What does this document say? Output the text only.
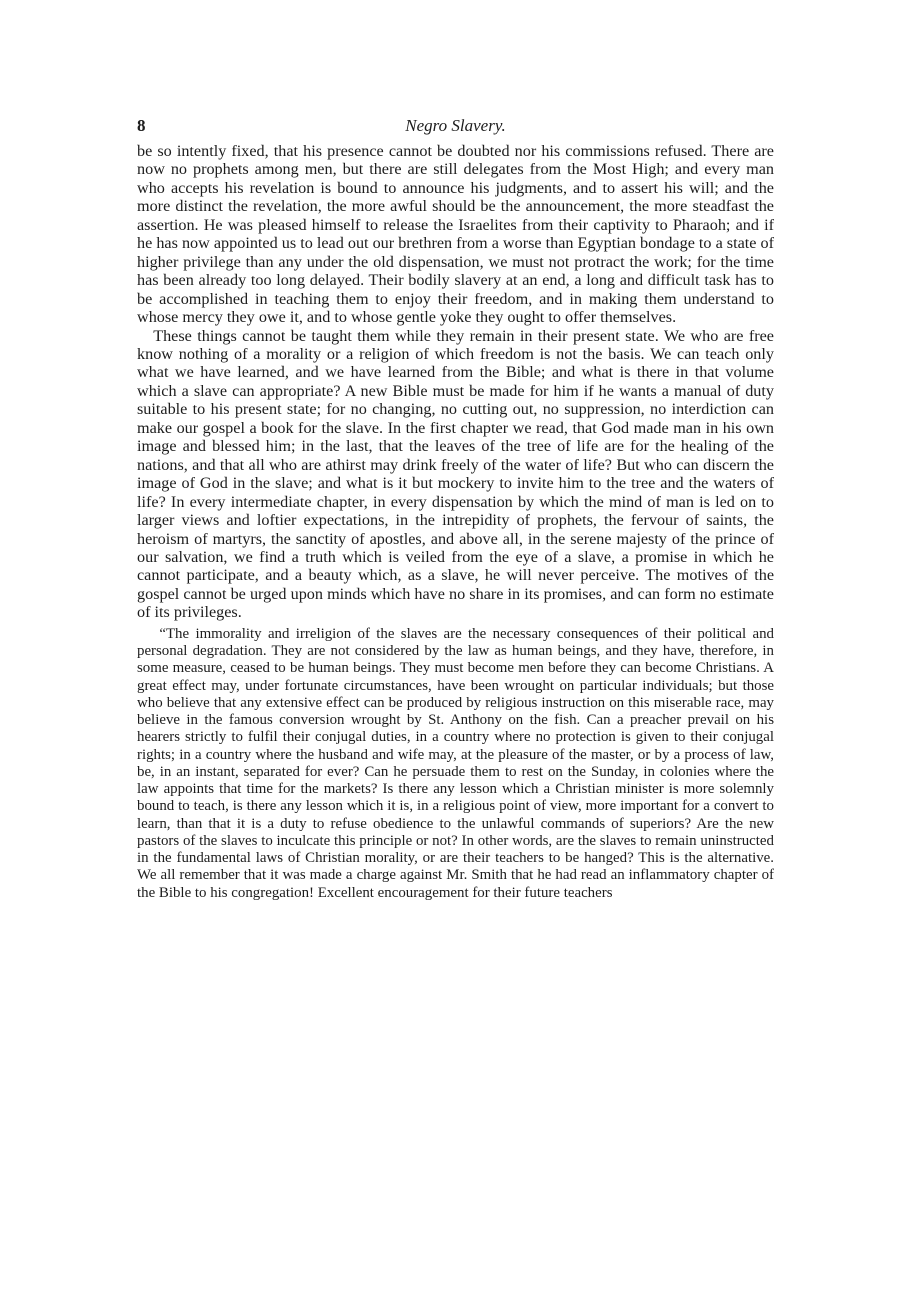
8	Negro Slavery.

be so intently fixed, that his presence cannot be doubted nor his commissions refused. There are now no prophets among men, but there are still delegates from the Most High; and every man who accepts his revelation is bound to announce his judgments, and to assert his will; and the more distinct the revelation, the more awful should be the announcement, the more steadfast the assertion. He was pleased himself to release the Israelites from their captivity to Pharaoh; and if he has now appointed us to lead out our brethren from a worse than Egyptian bondage to a state of higher privilege than any under the old dispensation, we must not protract the work; for the time has been already too long delayed. Their bodily slavery at an end, a long and difficult task has to be accomplished in teaching them to enjoy their freedom, and in making them understand to whose mercy they owe it, and to whose gentle yoke they ought to offer themselves.

These things cannot be taught them while they remain in their present state. We who are free know nothing of a morality or a religion of which freedom is not the basis. We can teach only what we have learned, and we have learned from the Bible; and what is there in that volume which a slave can appropriate? A new Bible must be made for him if he wants a manual of duty suitable to his present state; for no changing, no cutting out, no suppression, no interdiction can make our gospel a book for the slave. In the first chapter we read, that God made man in his own image and blessed him; in the last, that the leaves of the tree of life are for the healing of the nations, and that all who are athirst may drink freely of the water of life? But who can discern the image of God in the slave; and what is it but mockery to invite him to the tree and the waters of life? In every intermediate chapter, in every dispensation by which the mind of man is led on to larger views and loftier expectations, in the intrepidity of prophets, the fervour of saints, the heroism of martyrs, the sanctity of apostles, and above all, in the serene majesty of the prince of our salvation, we find a truth which is veiled from the eye of a slave, a promise in which he cannot participate, and a beauty which, as a slave, he will never perceive. The motives of the gospel cannot be urged upon minds which have no share in its promises, and can form no estimate of its privileges.

“The immorality and irreligion of the slaves are the necessary consequences of their political and personal degradation. They are not considered by the law as human beings, and they have, therefore, in some measure, ceased to be human beings. They must become men before they can become Christians. A great effect may, under fortunate circumstances, have been wrought on particular individuals; but those who believe that any extensive effect can be produced by religious instruction on this miserable race, may believe in the famous conversion wrought by St. Anthony on the fish. Can a preacher prevail on his hearers strictly to fulfil their conjugal duties, in a country where no protection is given to their conjugal rights; in a country where the husband and wife may, at the pleasure of the master, or by a process of law, be, in an instant, separated for ever? Can he persuade them to rest on the Sunday, in colonies where the law appoints that time for the markets? Is there any lesson which a Christian minister is more solemnly bound to teach, is there any lesson which it is, in a religious point of view, more important for a convert to learn, than that it is a duty to refuse obedience to the unlawful commands of superiors? Are the new pastors of the slaves to inculcate this principle or not? In other words, are the slaves to remain uninstructed in the fundamental laws of Christian morality, or are their teachers to be hanged? This is the alternative. We all remember that it was made a charge against Mr. Smith that he had read an inflammatory chapter of the Bible to his congregation! Excellent encouragement for their future teachers
